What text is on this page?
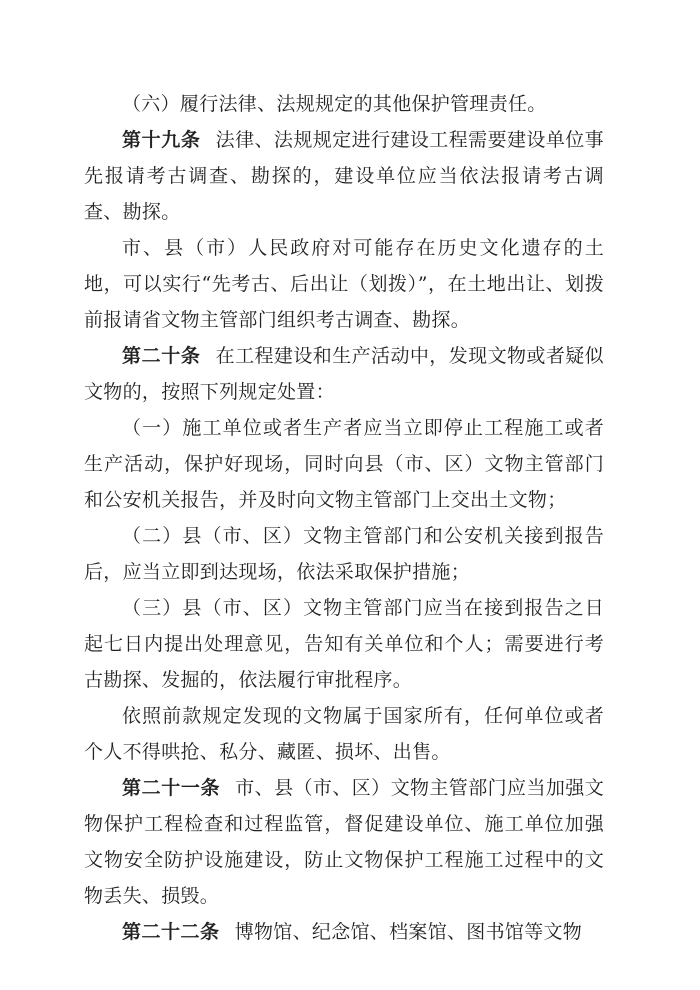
（六）履行法律、法规规定的其他保护管理责任。

第十九条 法律、法规规定进行建设工程需要建设单位事先报请考古调查、勘探的，建设单位应当依法报请考古调查、勘探。

市、县（市）人民政府对可能存在历史文化遗存的土地，可以实行“先考古、后出让（划拨）”，在土地出让、划拨前报请省文物主管部门组织考古调查、勘探。

第二十条 在工程建设和生产活动中，发现文物或者疑似文物的，按照下列规定处置：

（一）施工单位或者生产者应当立即停止工程施工或者生产活动，保护好现场，同时向县（市、区）文物主管部门和公安机关报告，并及时向文物主管部门上交出土文物；

（二）县（市、区）文物主管部门和公安机关接到报告后，应当立即到达现场，依法采取保护措施；

（三）县（市、区）文物主管部门应当在接到报告之日起七日内提出处理意见，告知有关单位和个人；需要进行考古勘探、发掘的，依法履行审批程序。

依照前款规定发现的文物属于国家所有，任何单位或者个人不得哄抢、私分、藏匿、损坏、出售。

第二十一条 市、县（市、区）文物主管部门应当加强文物保护工程检查和过程监管，督促建设单位、施工单位加强文物安全防护设施建设，防止文物保护工程施工过程中的文物丢失、损毁。

第二十二条 博物馆、纪念馆、档案馆、图书馆等文物
